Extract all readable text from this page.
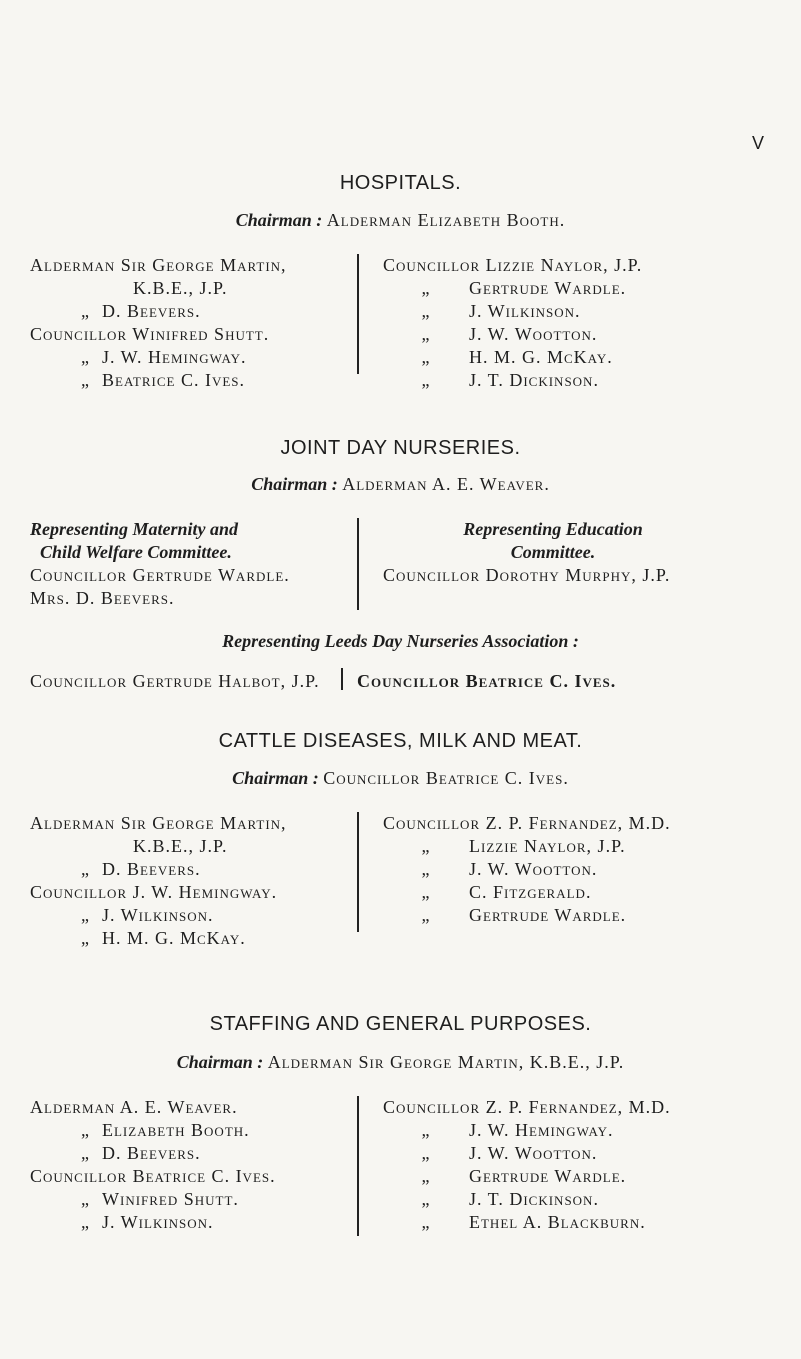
V
HOSPITALS.
Chairman : Alderman Elizabeth Booth.
Alderman Sir George Martin,
K.B.E., J.P.
„ D. Beevers.
Councillor Winifred Shutt.
„ J. W. Hemingway.
„ Beatrice C. Ives.
Councillor Lizzie Naylor, J.P.
„ Gertrude Wardle.
„ J. Wilkinson.
„ J. W. Wootton.
„ H. M. G. McKay.
„ J. T. Dickinson.
JOINT DAY NURSERIES.
Chairman : Alderman A. E. Weaver.
Representing Maternity and
Child Welfare Committee.
Councillor Gertrude Wardle.
Mrs. D. Beevers.
Representing Education
Committee.
Councillor Dorothy Murphy, J.P.
Representing Leeds Day Nurseries Association :
Councillor Gertrude Halbot, J.P. Councillor Beatrice C. Ives.
CATTLE DISEASES, MILK AND MEAT.
Chairman : Councillor Beatrice C. Ives.
Alderman Sir George Martin,
K.B.E., J.P.
„ D. Beevers.
Councillor J. W. Hemingway.
„ J. Wilkinson.
„ H. M. G. McKay.
Councillor Z. P. Fernandez, M.D.
„ Lizzie Naylor, J.P.
„ J. W. Wootton.
„ C. Fitzgerald.
„ Gertrude Wardle.
STAFFING AND GENERAL PURPOSES.
Chairman : Alderman Sir George Martin, K.B.E., J.P.
Alderman A. E. Weaver.
„ Elizabeth Booth.
„ D. Beevers.
Councillor Beatrice C. Ives.
„ Winifred Shutt.
„ J. Wilkinson.
Councillor Z. P. Fernandez, M.D.
„ J. W. Hemingway.
„ J. W. Wootton.
„ Gertrude Wardle.
„ J. T. Dickinson.
„ Ethel A. Blackburn.
